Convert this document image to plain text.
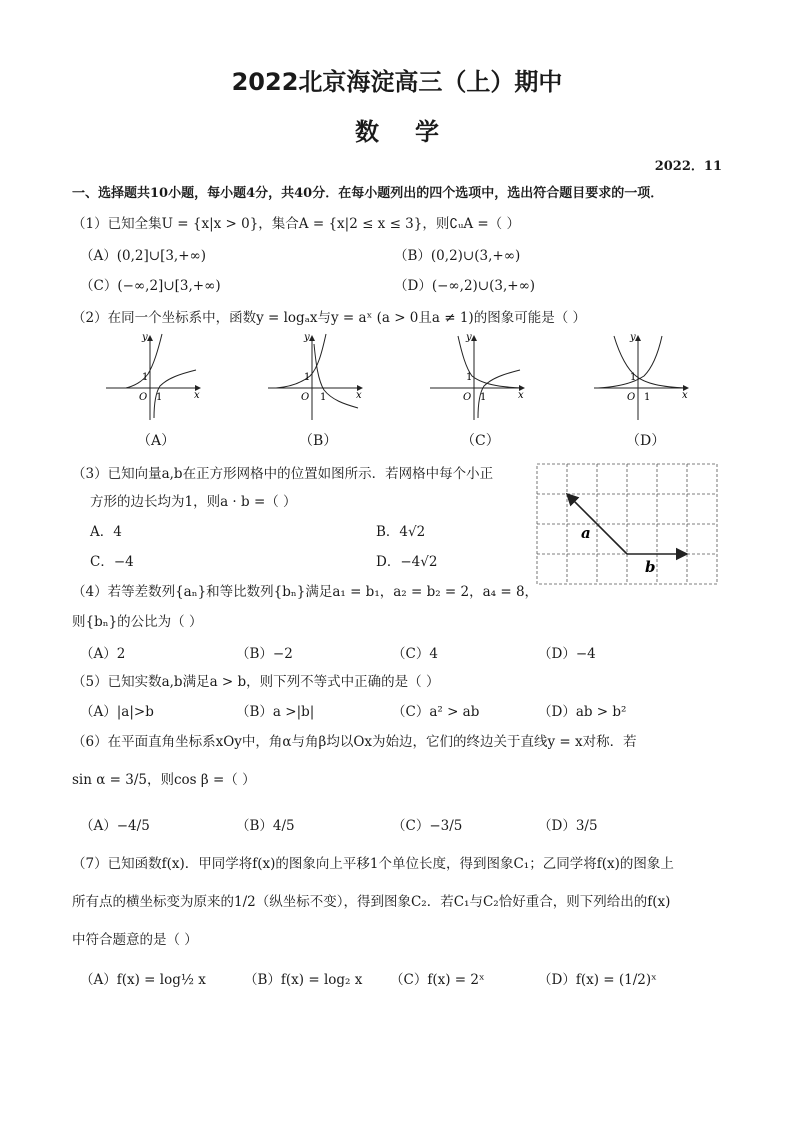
2022北京海淀高三（上）期中
数学
2022．11
一、选择题共10小题，每小题4分，共40分．在每小题列出的四个选项中，选出符合题目要求的一项．
（1）已知全集U = {x|x > 0}，集合A = {x|2 ≤ x ≤ 3}，则∁ᵤA =（ ）
（A）(0,2]∪[3,+∞)	（B）(0,2)∪(3,+∞)
（C）(−∞,2]∪[3,+∞)	（D）(−∞,2)∪(3,+∞)
（2）在同一个坐标系中，函数y = logₐx与y = aˣ (a > 0且a ≠ 1)的图象可能是（ ）
y
x
O
1
1
（A）
y
x
O
1
1
（B）
y
x
O
1
1
（C）
y
x
O
1
1
（D）
（3）已知向量a,b在正方形网格中的位置如图所示．若网格中每个小正
方形的边长均为1，则a · b =（ ）
A．4	B．4√2
C．−4	D．−4√2
a
b
（4）若等差数列{aₙ}和等比数列{bₙ}满足a₁ = b₁，a₂ = b₂ = 2，a₄ = 8，
则{bₙ}的公比为（ ）
（A）2	（B）−2	（C）4	（D）−4
（5）已知实数a,b满足a > b，则下列不等式中正确的是（ ）
（A）|a|>b	（B）a >|b|	（C）a² > ab	（D）ab > b²
（6）在平面直角坐标系xOy中，角α与角β均以Ox为始边，它们的终边关于直线y = x对称．若
sin α = 3/5，则cos β =（ ）
（A）−4/5	（B）4/5	（C）−3/5	（D）3/5
（7）已知函数f(x)．甲同学将f(x)的图象向上平移1个单位长度，得到图象C₁；乙同学将f(x)的图象上
所有点的横坐标变为原来的1/2（纵坐标不变），得到图象C₂．若C₁与C₂恰好重合，则下列给出的f(x)
中符合题意的是（ ）
（A）f(x) = log½ x	（B）f(x) = log₂ x （C）f(x) = 2ˣ	（D）f(x) = (1/2)ˣ
